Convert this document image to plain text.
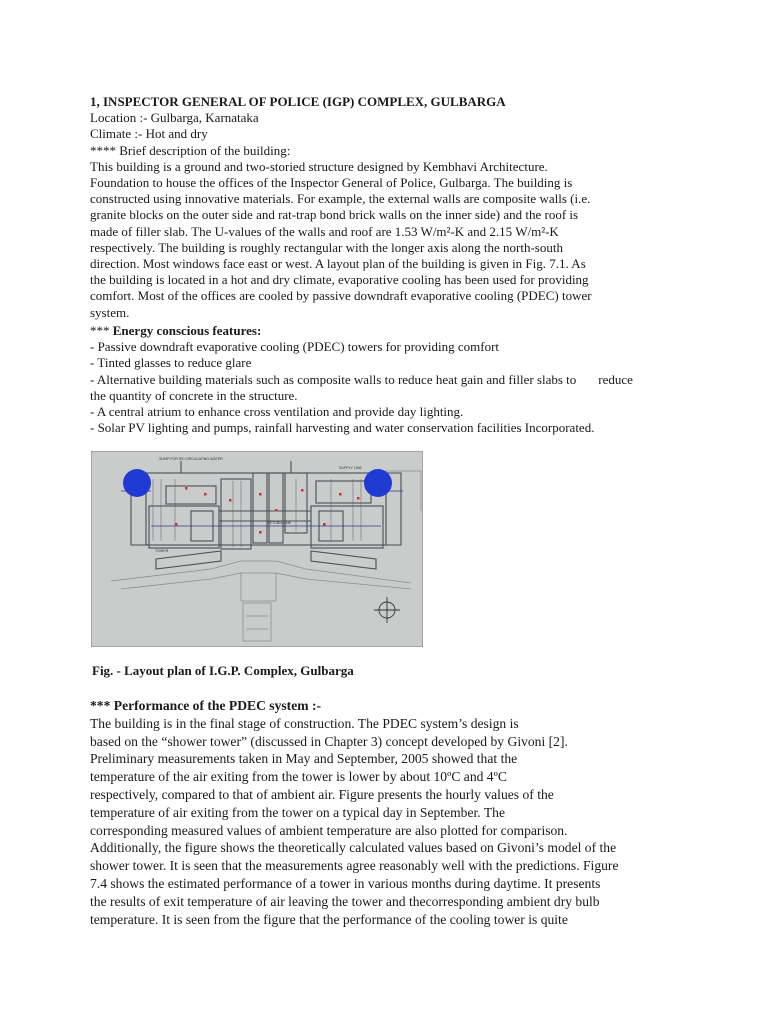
1, INSPECTOR GENERAL OF POLICE (IGP) COMPLEX, GULBARGA
Location :- Gulbarga, Karnataka
Climate :- Hot and dry
**** Brief description of the building:
This building is a ground and two-storied structure designed by Kembhavi Architecture.
Foundation to house the offices of the Inspector General of Police, Gulbarga. The building is
constructed using innovative materials. For example, the external walls are composite walls (i.e.
granite blocks on the outer side and rat-trap bond brick walls on the inner side) and the roof is
made of filler slab. The U-values of the walls and roof are 1.53 W/m²-K and 2.15 W/m²-K
respectively. The building is roughly rectangular with the longer axis along the north-south
direction. Most windows face east or west. A layout plan of the building is given in Fig. 7.1. As
the building is located in a hot and dry climate, evaporative cooling has been used for providing
comfort. Most of the offices are cooled by passive downdraft evaporative cooling (PDEC) tower
system.
*** Energy conscious features:
- Passive downdraft evaporative cooling (PDEC) towers for providing comfort
- Tinted glasses to reduce glare
- Alternative building materials such as composite walls to reduce heat gain and filler slabs to reduce
the quantity of concrete in the structure.
- A central atrium to enhance cross ventilation and provide day lighting.
- Solar PV lighting and pumps, rainfall harvesting and water conservation facilities Incorporated.
SUMP FOR RE-CIRCULATING WATER
SUPPLY LINE
RETURN LINE
TOWER
Fig. - Layout plan of I.G.P. Complex, Gulbarga
*** Performance of the PDEC system :-
The building is in the final stage of construction. The PDEC system’s design is
based on the “shower tower” (discussed in Chapter 3) concept developed by Givoni [2].
Preliminary measurements taken in May and September, 2005 showed that the
temperature of the air exiting from the tower is lower by about 10ºC and 4ºC
respectively, compared to that of ambient air. Figure presents the hourly values of the
temperature of air exiting from the tower on a typical day in September. The
corresponding measured values of ambient temperature are also plotted for comparison.
Additionally, the figure shows the theoretically calculated values based on Givoni’s model of the
shower tower. It is seen that the measurements agree reasonably well with the predictions. Figure
7.4 shows the estimated performance of a tower in various months during daytime. It presents
the results of exit temperature of air leaving the tower and thecorresponding ambient dry bulb
temperature. It is seen from the figure that the performance of the cooling tower is quite
